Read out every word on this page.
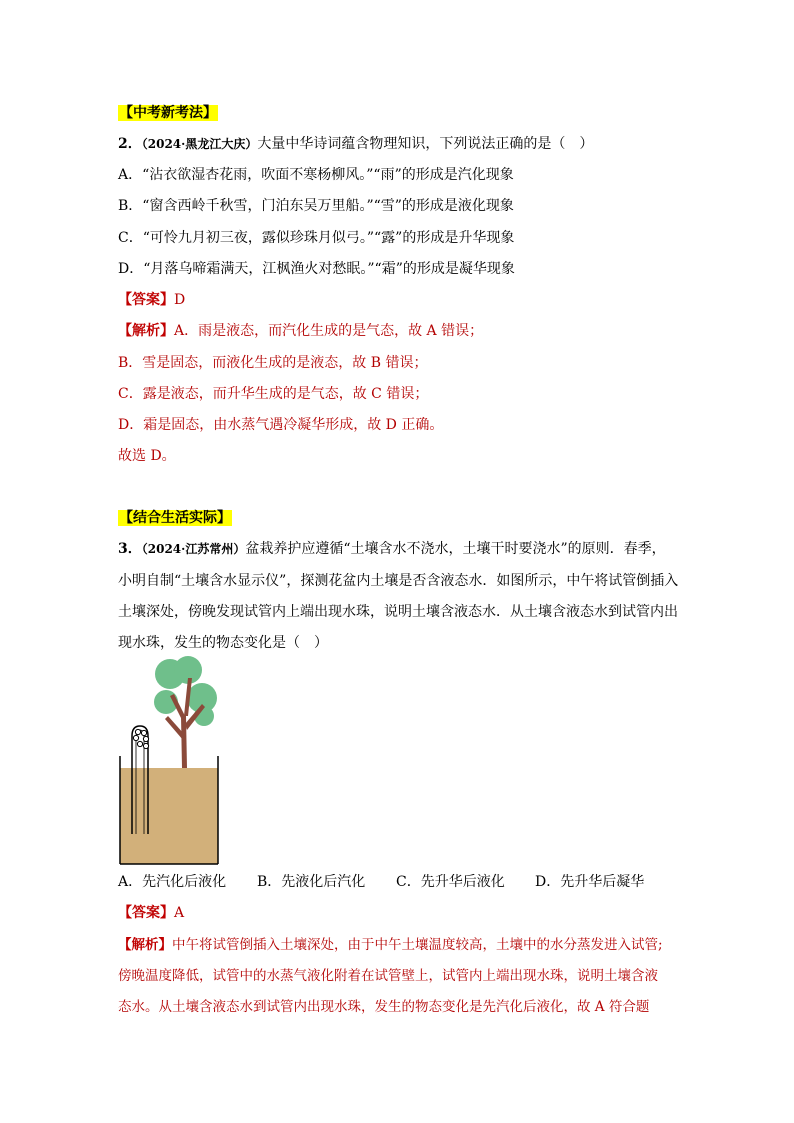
【中考新考法】
2．（2024·黑龙江大庆）大量中华诗词蕴含物理知识，下列说法正确的是（　）
A．“沾衣欲湿杏花雨，吹面不寒杨柳风。”“雨”的形成是汽化现象
B．“窗含西岭千秋雪，门泊东吴万里船。”“雪”的形成是液化现象
C．“可怜九月初三夜，露似珍珠月似弓。”“露”的形成是升华现象
D．“月落乌啼霜满天，江枫渔火对愁眠。”“霜”的形成是凝华现象
【答案】D
【解析】A．雨是液态，而汽化生成的是气态，故 A 错误；
B．雪是固态，而液化生成的是液态，故 B 错误；
C．露是液态，而升华生成的是气态，故 C 错误；
D．霜是固态，由水蒸气遇冷凝华形成，故 D 正确。
故选 D。
【结合生活实际】
3．（2024·江苏常州）盆栽养护应遵循“土壤含水不浇水，土壤干时要浇水”的原则．春季，
小明自制“土壤含水显示仪”，探测花盆内土壤是否含液态水．如图所示，中午将试管倒插入
土壤深处，傍晚发现试管内上端出现水珠，说明土壤含液态水．从土壤含液态水到试管内出
现水珠，发生的物态变化是（　）
A．先汽化后液化 B．先液化后汽化 C．先升华后液化 D．先升华后凝华
【答案】A
【解析】中午将试管倒插入土壤深处，由于中午土壤温度较高，土壤中的水分蒸发进入试管;
傍晚温度降低，试管中的水蒸气液化附着在试管壁上，试管内上端出现水珠，说明土壤含液
态水。从土壤含液态水到试管内出现水珠，发生的物态变化是先汽化后液化，故 A 符合题
